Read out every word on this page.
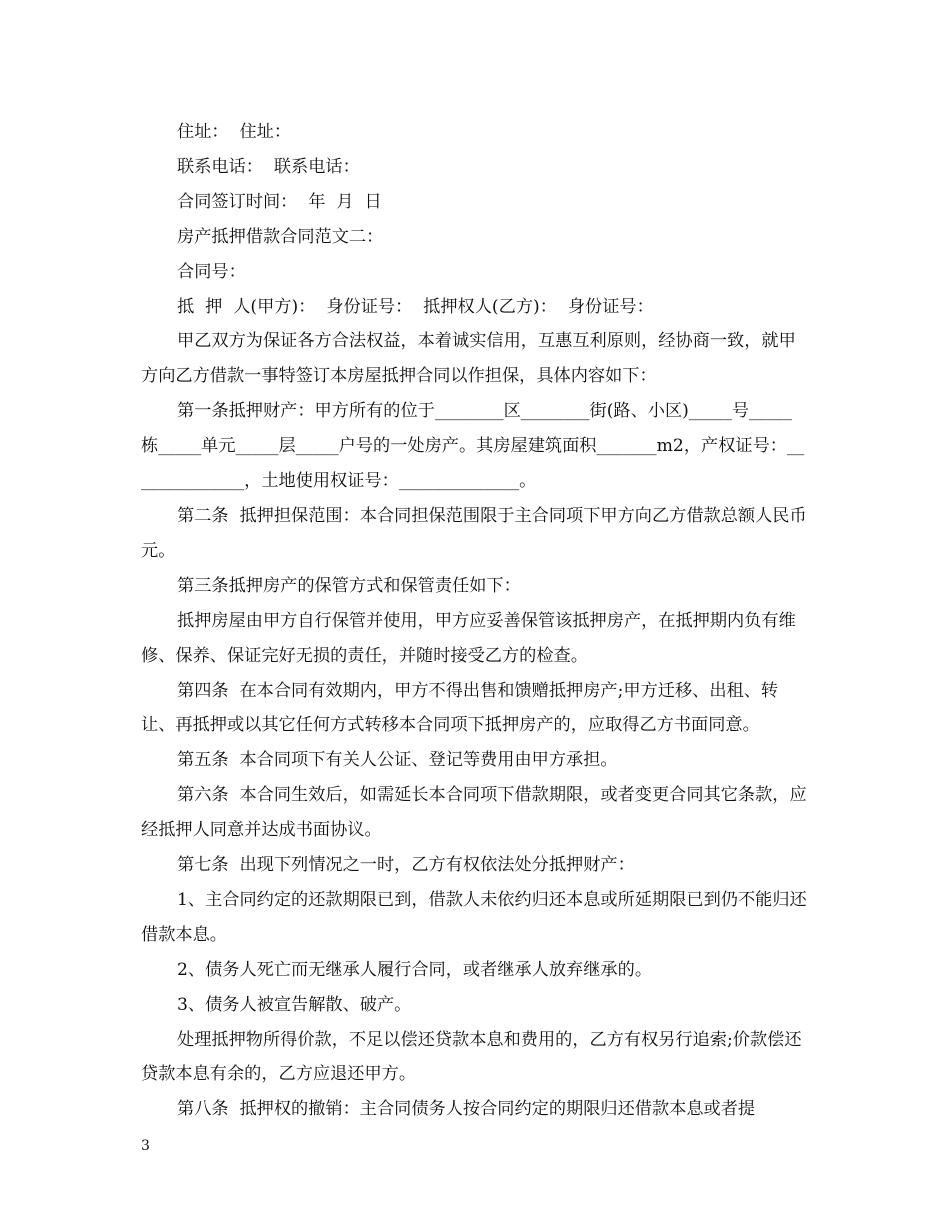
住址：  住址：

联系电话：  联系电话：

合同签订时间：  年  月  日

房产抵押借款合同范文二：

合同号：

抵  押  人(甲方)：  身份证号：  抵押权人(乙方)：  身份证号：

甲乙双方为保证各方合法权益，本着诚实信用，互惠互利原则，经协商一致，就甲方向乙方借款一事特签订本房屋抵押合同以作担保，具体内容如下：

第一条抵押财产：甲方所有的位于________区________街(路、小区)_____号_____栋_____单元_____层_____户号的一处房产。其房屋建筑面积_______m2，产权证号：______________，土地使用权证号：______________。

第二条  抵押担保范围：本合同担保范围限于主合同项下甲方向乙方借款总额人民币  元。

第三条抵押房产的保管方式和保管责任如下：

抵押房屋由甲方自行保管并使用，甲方应妥善保管该抵押房产，在抵押期内负有维修、保养、保证完好无损的责任，并随时接受乙方的检查。

第四条  在本合同有效期内，甲方不得出售和馈赠抵押房产;甲方迁移、出租、转让、再抵押或以其它任何方式转移本合同项下抵押房产的，应取得乙方书面同意。

第五条  本合同项下有关人公证、登记等费用由甲方承担。

第六条  本合同生效后，如需延长本合同项下借款期限，或者变更合同其它条款，应经抵押人同意并达成书面协议。

第七条  出现下列情况之一时，乙方有权依法处分抵押财产：

1、主合同约定的还款期限已到，借款人未依约归还本息或所延期限已到仍不能归还借款本息。

2、债务人死亡而无继承人履行合同，或者继承人放弃继承的。

3、债务人被宣告解散、破产。

处理抵押物所得价款，不足以偿还贷款本息和费用的，乙方有权另行追索;价款偿还贷款本息有余的，乙方应退还甲方。

第八条  抵押权的撤销：主合同债务人按合同约定的期限归还借款本息或者提

3
